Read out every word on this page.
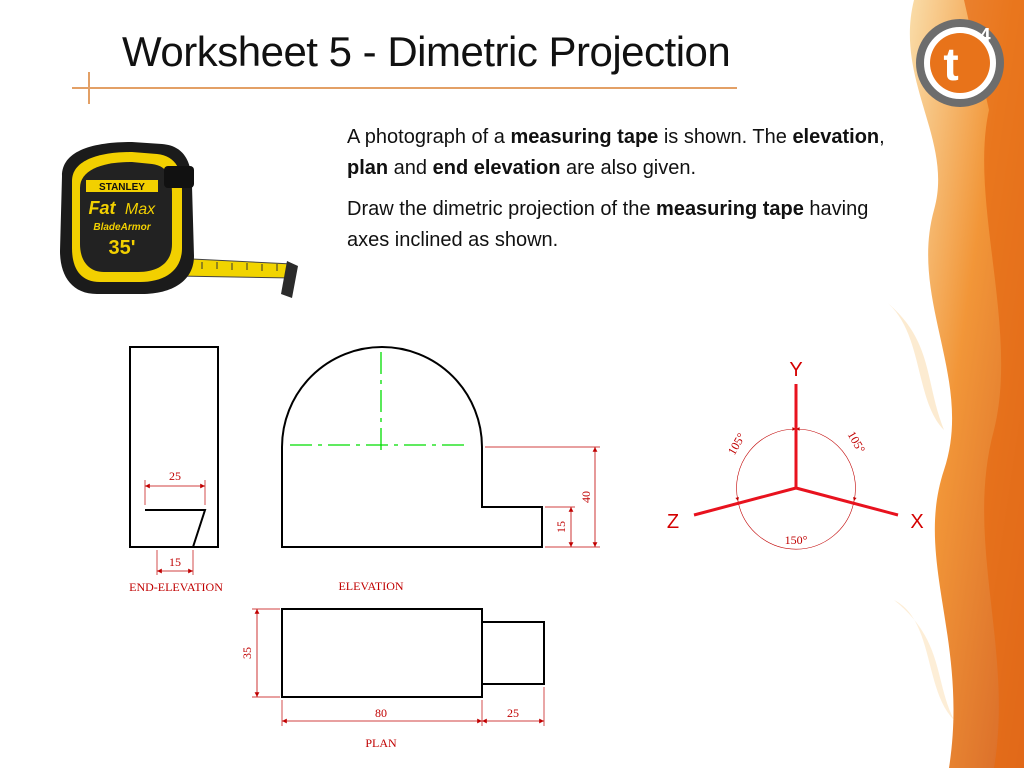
t
4
Worksheet 5 - Dimetric Projection

A photograph of a measuring tape is shown. The elevation, plan and end elevation are also given.

Draw the dimetric projection of the measuring tape having axes inclined as shown.

STANLEY
Fat Max
BladeArmor
35'
25
15
END-ELEVATION
40
15
ELEVATION
35
80	25
PLAN
Y
X
Z
105°	105°
150°
